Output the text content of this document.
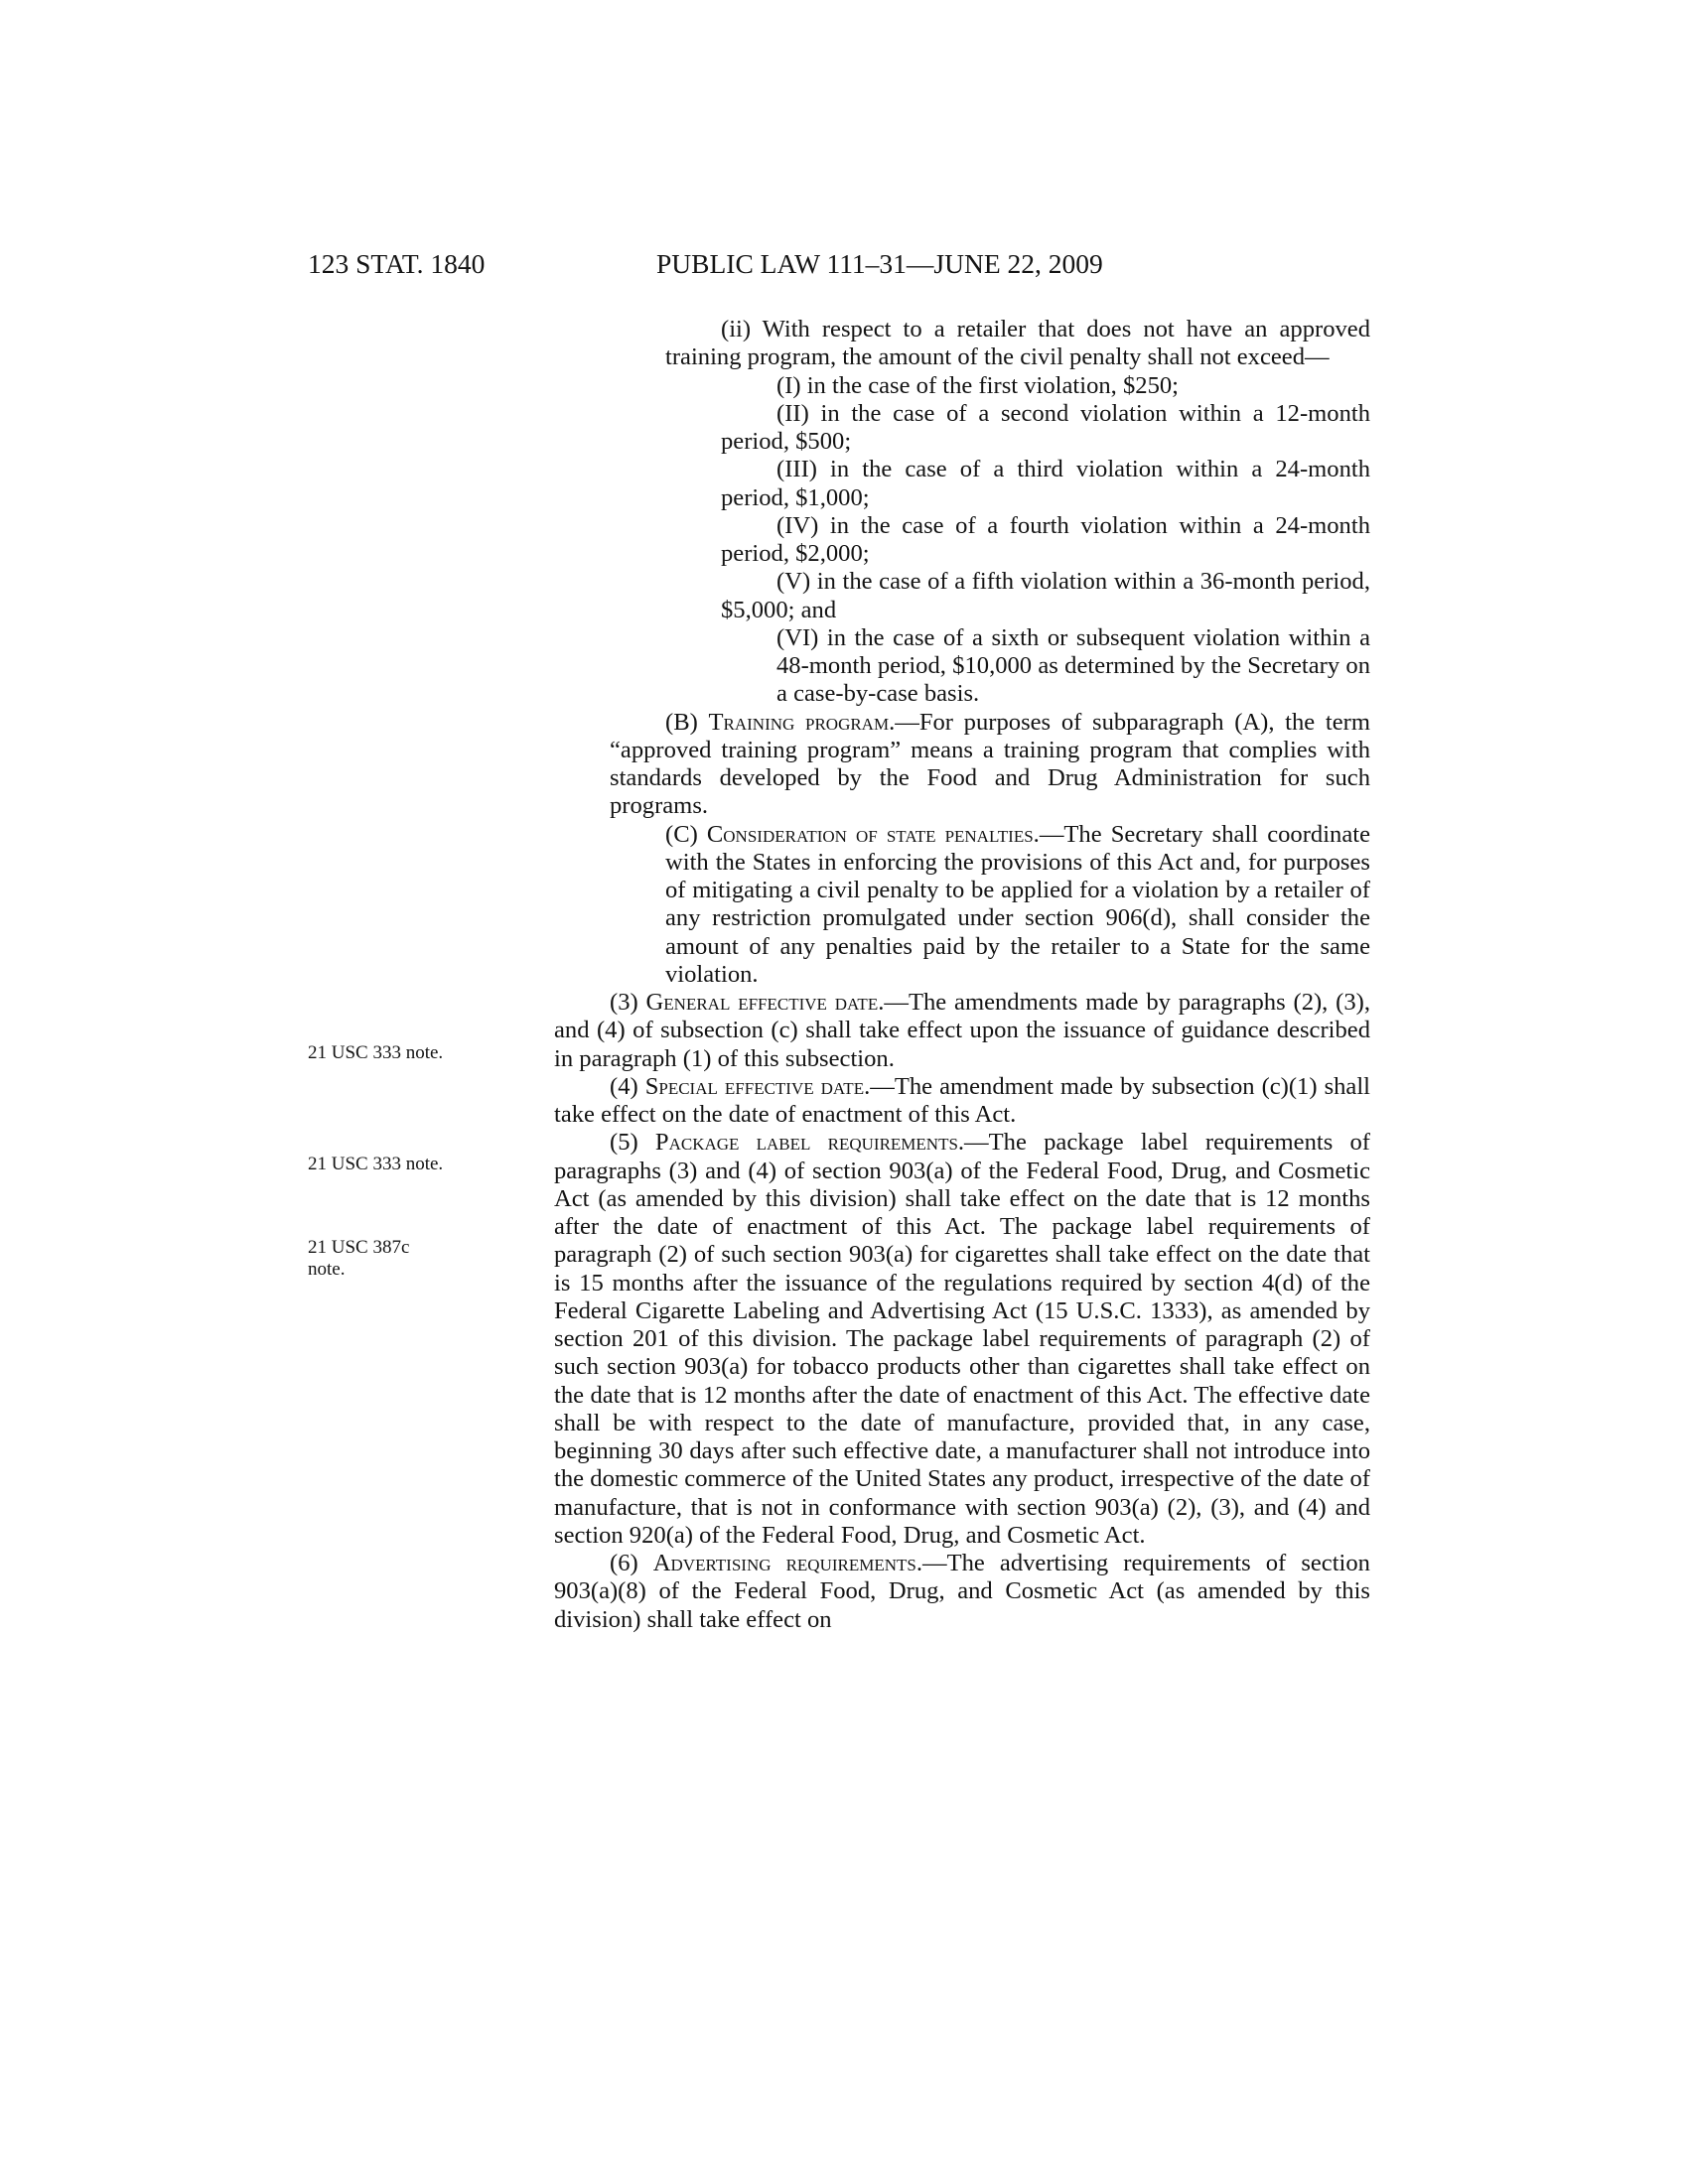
123 STAT. 1840	PUBLIC LAW 111–31—JUNE 22, 2009
21 USC 333 note.
21 USC 333 note.
21 USC 387c note.

(ii) With respect to a retailer that does not have an approved training program, the amount of the civil penalty shall not exceed—

(I) in the case of the first violation, $250;

(II) in the case of a second violation within a 12-month period, $500;

(III) in the case of a third violation within a 24-month period, $1,000;

(IV) in the case of a fourth violation within a 24-month period, $2,000;

(V) in the case of a fifth violation within a 36-month period, $5,000; and

(VI) in the case of a sixth or subsequent violation within a 48-month period, $10,000 as determined by the Secretary on a case-by-case basis.

(B) Training program.—For purposes of subparagraph (A), the term “approved training program” means a training program that complies with standards developed by the Food and Drug Administration for such programs.

(C) Consideration of state penalties.—The Secretary shall coordinate with the States in enforcing the provisions of this Act and, for purposes of mitigating a civil penalty to be applied for a violation by a retailer of any restriction promulgated under section 906(d), shall consider the amount of any penalties paid by the retailer to a State for the same violation.

(3) General effective date.—The amendments made by paragraphs (2), (3), and (4) of subsection (c) shall take effect upon the issuance of guidance described in paragraph (1) of this subsection.

(4) Special effective date.—The amendment made by subsection (c)(1) shall take effect on the date of enactment of this Act.

(5) Package label requirements.—The package label requirements of paragraphs (3) and (4) of section 903(a) of the Federal Food, Drug, and Cosmetic Act (as amended by this division) shall take effect on the date that is 12 months after the date of enactment of this Act. The package label requirements of paragraph (2) of such section 903(a) for cigarettes shall take effect on the date that is 15 months after the issuance of the regulations required by section 4(d) of the Federal Cigarette Labeling and Advertising Act (15 U.S.C. 1333), as amended by section 201 of this division. The package label requirements of paragraph (2) of such section 903(a) for tobacco products other than cigarettes shall take effect on the date that is 12 months after the date of enactment of this Act. The effective date shall be with respect to the date of manufacture, provided that, in any case, beginning 30 days after such effective date, a manufacturer shall not introduce into the domestic commerce of the United States any product, irrespective of the date of manufacture, that is not in conformance with section 903(a) (2), (3), and (4) and section 920(a) of the Federal Food, Drug, and Cosmetic Act.

(6) Advertising requirements.—The advertising requirements of section 903(a)(8) of the Federal Food, Drug, and Cosmetic Act (as amended by this division) shall take effect on
